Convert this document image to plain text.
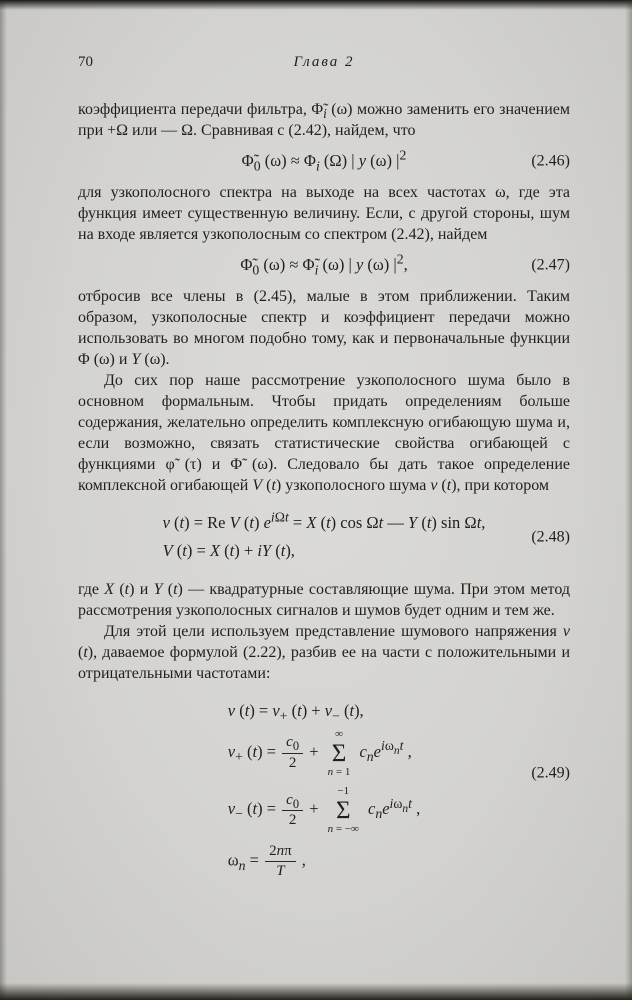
70	Глава 2

коэффициента передачи фильтра, $\Phĩ_i$ (ω) можно заменить его значением при +Ω или — Ω. Сравнивая с (2.42), найдем, что

$\Phĩ_0$ $(\omega) \approx \Phi_i$ (Ω) | y (ω) $|^2$	(2.46)

для узкополосного спектра на выходе на всех частотах ω, где эта функция имеет существенную величину. Если, с другой стороны, шум на входе является узкополосным со спектром (2.42), найдем

$\Phĩ_0$ $(\omega) \approx \Phĩ_i$ (ω) | y (ω) $|^2$,	(2.47)

отбросив все члены в (2.45), малые в этом приближении. Таким образом, узкополосные спектр и коэффициент передачи можно использовать во многом подобно тому, как и первоначальные функции Φ (ω) и Y (ω).

До сих пор наше рассмотрение узкополосного шума было в основном формальным. Чтобы придать определениям больше содержания, желательно определить комплексную огибающую шума и, если возможно, связать статистические свойства огибающей с функциями φ̃ (τ) и Φ̃ (ω). Следовало бы дать такое определение комплексной огибающей V (t) узкополосного шума v (t), при котором

v (t) = Re V (t) $e^{i\Omega t} = X$ (t) cos Ωt — Y (t) sin Ωt,
V (t) = X (t) + iY (t),
(2.48)

где X (t) и Y (t) — квадратурные составляющие шума. При этом метод рассмотрения узкополосных сигналов и шумов будет одним и тем же.

Для этой цели используем представление шумового напряжения v (t), даваемое формулой (2.22), разбив ее на части с положительными и отрицательными частотами:

v $(t) = v_+$ $(t) + v_-$ (t),
$v_+$ $(t) = \frac{c_0}{2}$ +
∞
Σ
n = 1
$c_ne^{i\omega_nt}$ ,
$v_-$ $(t) = \frac{c_0}{2}$ +
−1
Σ
n = −∞
$c_ne^{i\omega_nt}$ ,
$\omega_n = \frac{2n\pi}{T}$ ,
(2.49)
